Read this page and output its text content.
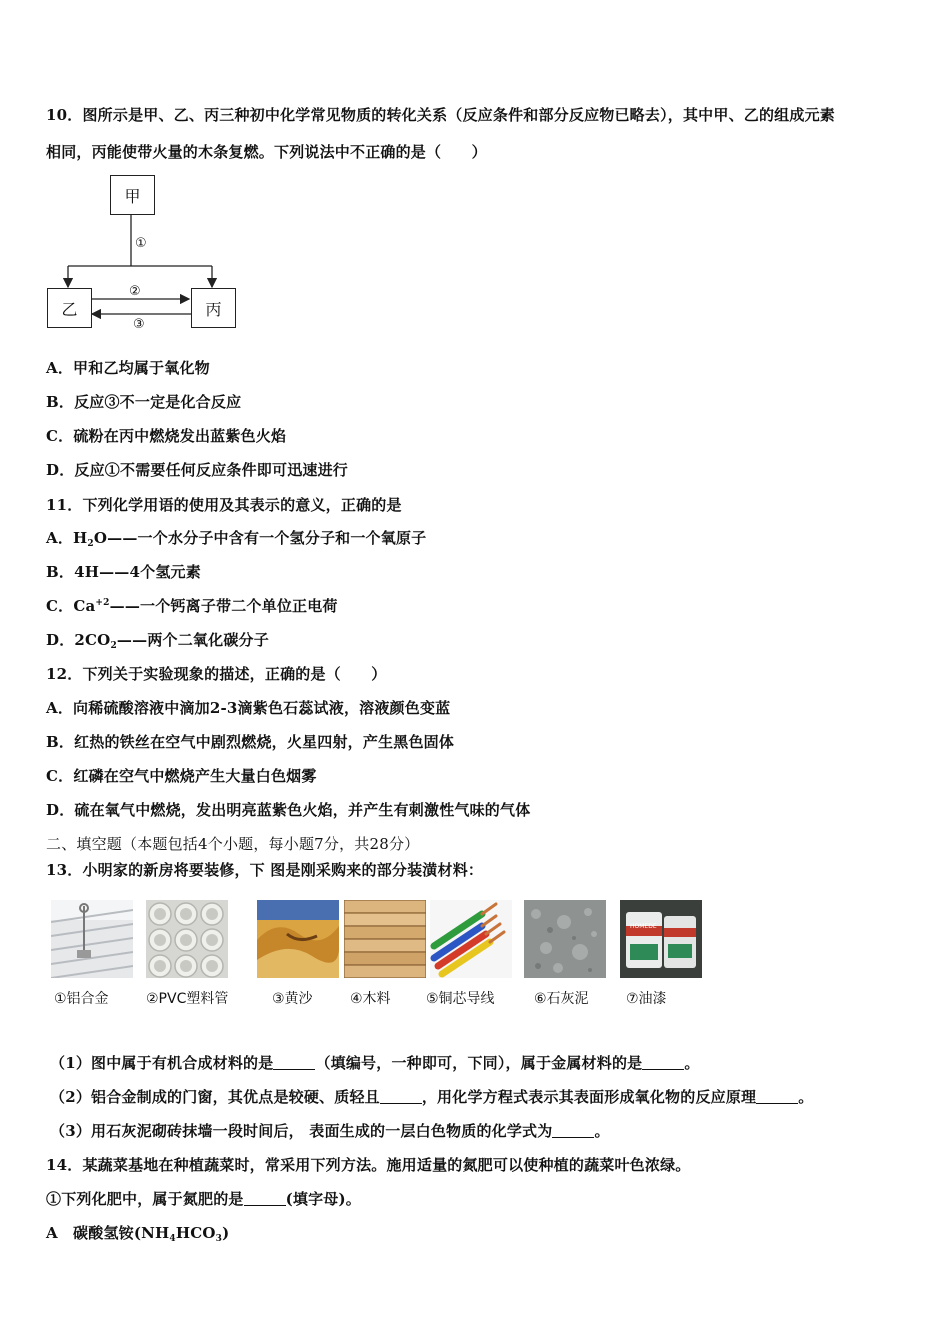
10．图所示是甲、乙、丙三种初中化学常见物质的转化关系（反应条件和部分反应物已略去），其中甲、乙的组成元素
相同，丙能使带火量的木条复燃。下列说法中不正确的是（　　）
甲
乙	丙
①
②
③
A．甲和乙均属于氧化物
B．反应③不一定是化合反应
C．硫粉在丙中燃烧发出蓝紫色火焰
D．反应①不需要任何反应条件即可迅速进行
11．下列化学用语的使用及其表示的意义，正确的是
A．$H_2O——$一个水分子中含有一个氢分子和一个氧原子
B．4H——4个氢元素
C．$Ca^{+2}——$一个钙离子带二个单位正电荷
D．$2CO_2——$两个二氧化碳分子
12．下列关于实验现象的描述，正确的是（　　）
A．向稀硫酸溶液中滴加2-3滴紫色石蕊试液，溶液颜色变蓝
B．红热的铁丝在空气中剧烈燃烧，火星四射，产生黑色固体
C．红磷在空气中燃烧产生大量白色烟雾
D．硫在氧气中燃烧，发出明亮蓝紫色火焰，并产生有刺激性气味的气体
二、填空题（本题包括4个小题，每小题7分，共28分）
13．小明家的新房将要装修，下 图是刚采购来的部分装潢材料：
HOMEDE
①铝合金	②PVC塑料管	③黄沙	④木料	⑤铜芯导线	⑥石灰泥	⑦油漆
（1）图中属于有机合成材料的是	（填编号，一种即可，下同），属于金属材料的是	。
（2）铝合金制成的门窗，其优点是较硬、质轻且	，用化学方程式表示其表面形成氧化物的反应原理	。
（3）用石灰泥砌砖抹墙一段时间后， 表面生成的一层白色物质的化学式为	。
14．某蔬菜基地在种植蔬菜时，常采用下列方法。施用适量的氮肥可以使种植的蔬菜叶色浓绿。
①下列化肥中，属于氮肥的是	(填字母)。
A　碳酸氢铵$(NH_4HCO_3)$
